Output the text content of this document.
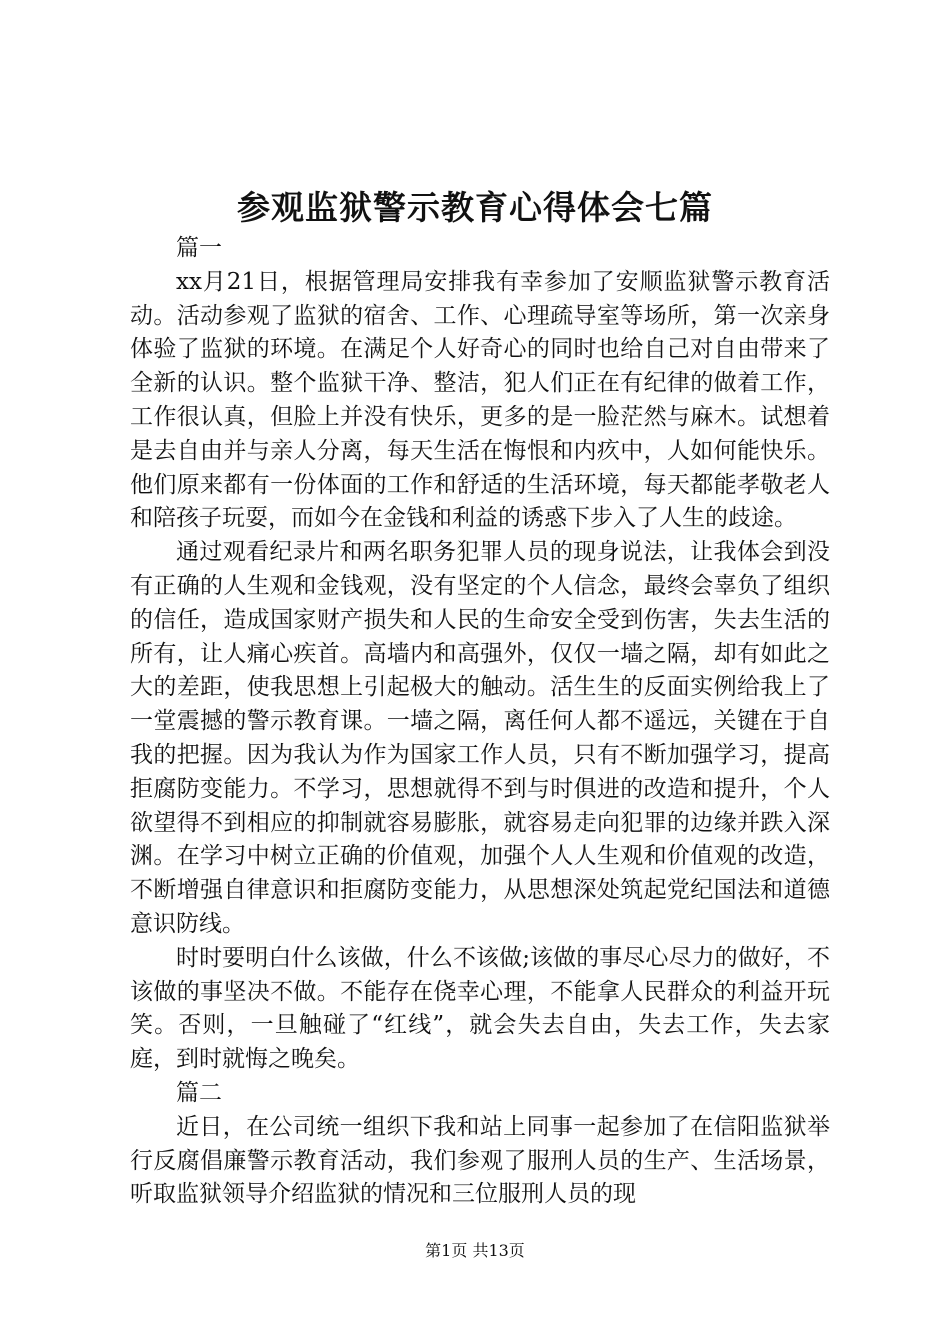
参观监狱警示教育心得体会七篇

篇一

xx月21日，根据管理局安排我有幸参加了安顺监狱警示教育活动。活动参观了监狱的宿舍、工作、心理疏导室等场所，第一次亲身体验了监狱的环境。在满足个人好奇心的同时也给自己对自由带来了全新的认识。整个监狱干净、整洁，犯人们正在有纪律的做着工作，工作很认真，但脸上并没有快乐，更多的是一脸茫然与麻木。试想着是去自由并与亲人分离，每天生活在悔恨和内疚中，人如何能快乐。他们原来都有一份体面的工作和舒适的生活环境，每天都能孝敬老人和陪孩子玩耍，而如今在金钱和利益的诱惑下步入了人生的歧途。

通过观看纪录片和两名职务犯罪人员的现身说法，让我体会到没有正确的人生观和金钱观，没有坚定的个人信念，最终会辜负了组织的信任，造成国家财产损失和人民的生命安全受到伤害，失去生活的所有，让人痛心疾首。高墙内和高强外，仅仅一墙之隔，却有如此之大的差距，使我思想上引起极大的触动。活生生的反面实例给我上了一堂震撼的警示教育课。一墙之隔，离任何人都不遥远，关键在于自我的把握。因为我认为作为国家工作人员，只有不断加强学习，提高拒腐防变能力。不学习，思想就得不到与时俱进的改造和提升，个人欲望得不到相应的抑制就容易膨胀，就容易走向犯罪的边缘并跌入深渊。在学习中树立正确的价值观，加强个人人生观和价值观的改造，不断增强自律意识和拒腐防变能力，从思想深处筑起党纪国法和道德意识防线。

时时要明白什么该做，什么不该做;该做的事尽心尽力的做好，不该做的事坚决不做。不能存在侥幸心理，不能拿人民群众的利益开玩笑。否则，一旦触碰了“红线”，就会失去自由，失去工作，失去家庭，到时就悔之晚矣。

篇二

近日，在公司统一组织下我和站上同事一起参加了在信阳监狱举行反腐倡廉警示教育活动，我们参观了服刑人员的生产、生活场景，听取监狱领导介绍监狱的情况和三位服刑人员的现

第1页 共13页
